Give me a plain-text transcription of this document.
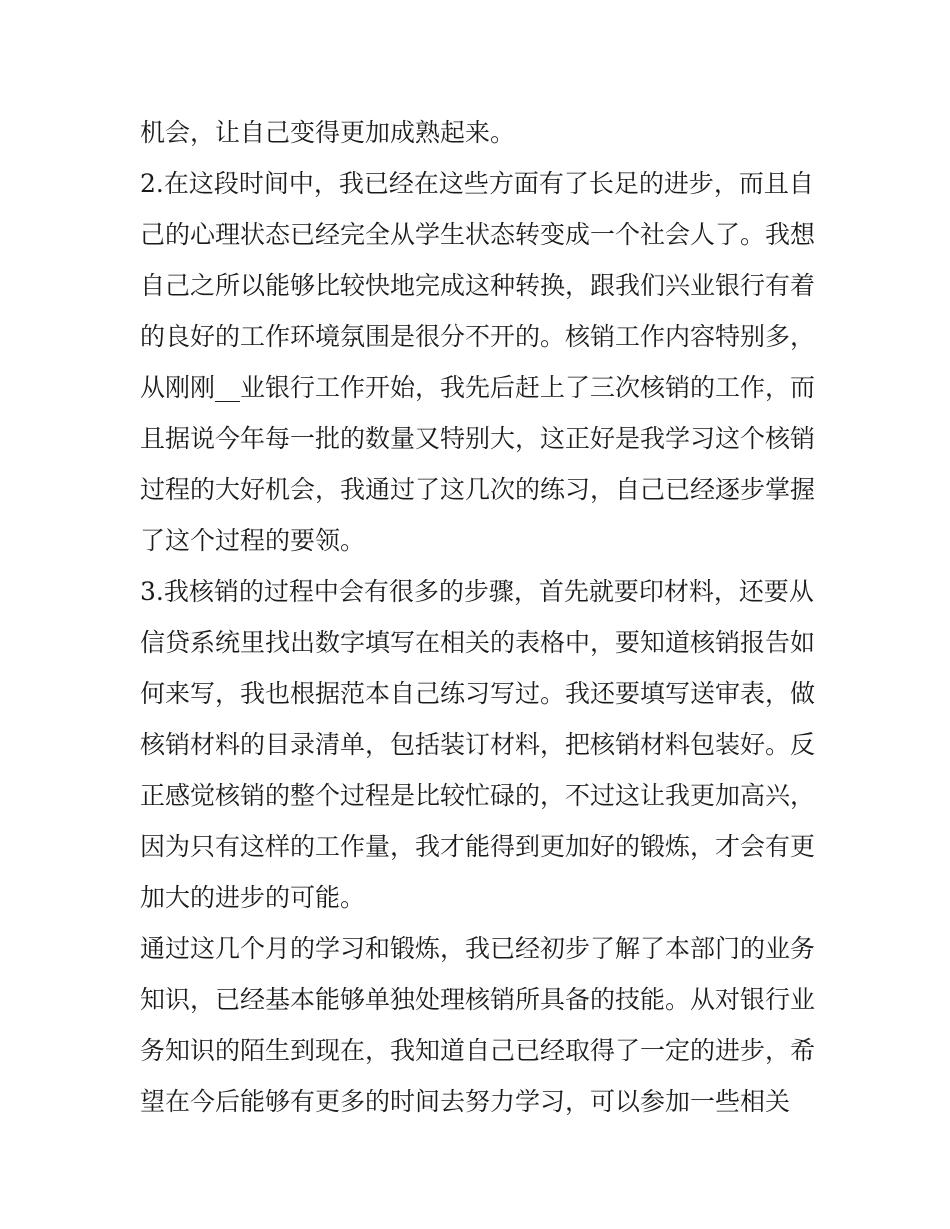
机会，让自己变得更加成熟起来。
2.在这段时间中，我已经在这些方面有了长足的进步，而且自
己的心理状态已经完全从学生状态转变成一个社会人了。我想
自己之所以能够比较快地完成这种转换，跟我们兴业银行有着
的良好的工作环境氛围是很分不开的。核销工作内容特别多，
从刚刚__业银行工作开始，我先后赶上了三次核销的工作，而
且据说今年每一批的数量又特别大，这正好是我学习这个核销
过程的大好机会，我通过了这几次的练习，自己已经逐步掌握
了这个过程的要领。
3.我核销的过程中会有很多的步骤，首先就要印材料，还要从
信贷系统里找出数字填写在相关的表格中，要知道核销报告如
何来写，我也根据范本自己练习写过。我还要填写送审表，做
核销材料的目录清单，包括装订材料，把核销材料包装好。反
正感觉核销的整个过程是比较忙碌的，不过这让我更加高兴，
因为只有这样的工作量，我才能得到更加好的锻炼，才会有更
加大的进步的可能。
通过这几个月的学习和锻炼，我已经初步了解了本部门的业务
知识，已经基本能够单独处理核销所具备的技能。从对银行业
务知识的陌生到现在，我知道自己已经取得了一定的进步，希
望在今后能够有更多的时间去努力学习，可以参加一些相关
